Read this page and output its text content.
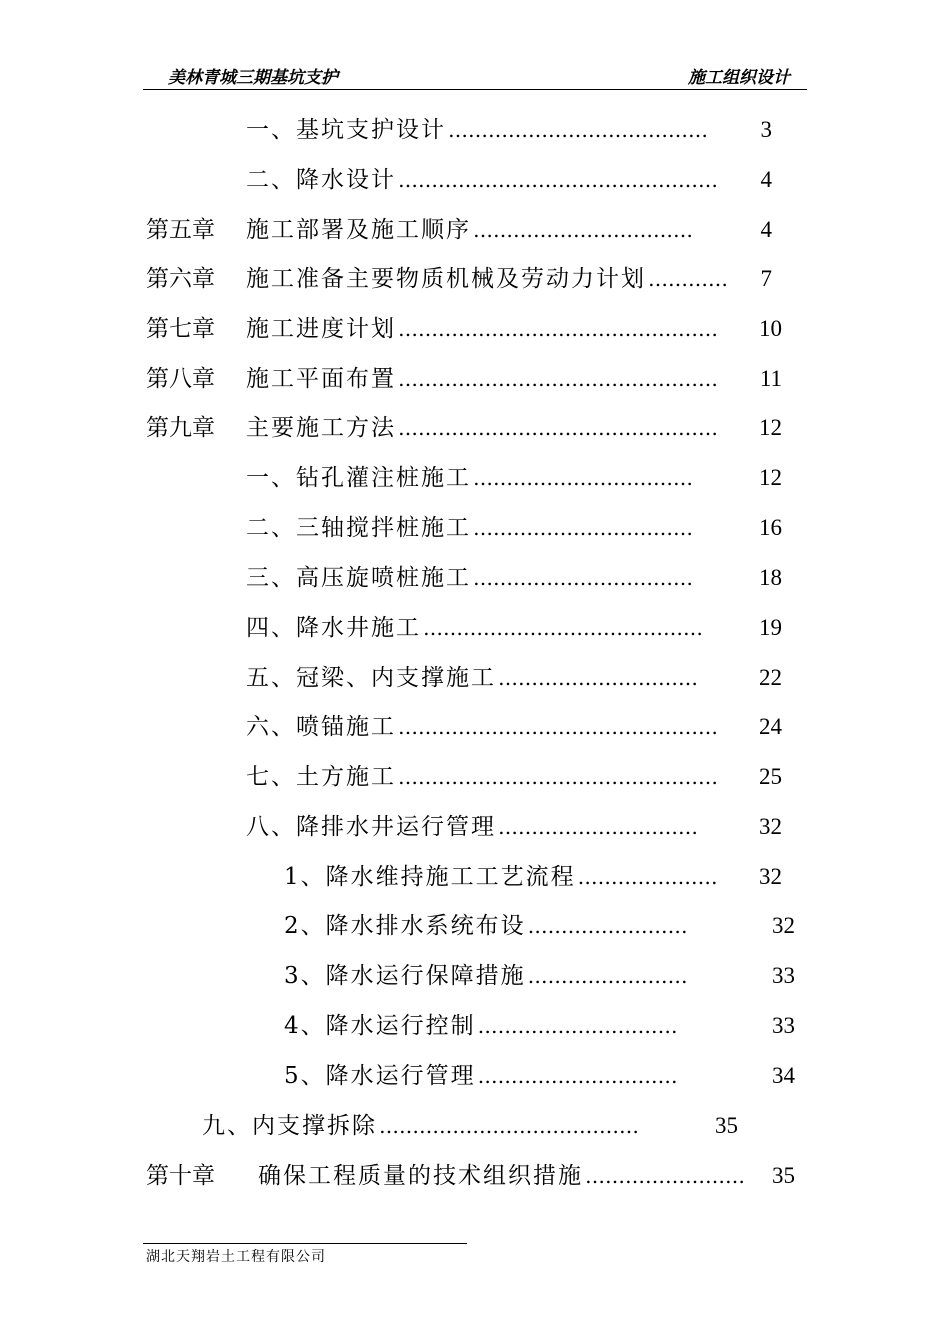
美林青城三期基坑支护	施工组织设计
一、基坑支护设计 …………………………………	3
二、降水设计 …………………………………………	4
第五章	施工部署及施工顺序 ……………………………	4
第六章	施工准备主要物质机械及劳动力计划 …………	7
第七章	施工进度计划 …………………………………………	10
第八章	施工平面布置 …………………………………………	11
第九章	主要施工方法 …………………………………………	12
一、钻孔灌注桩施工 ……………………………	12
二、三轴搅拌桩施工 ……………………………	16
三、高压旋喷桩施工 ……………………………	18
四、降水井施工 ……………………………………	19
五、冠梁、内支撑施工 …………………………	22
六、喷锚施工 …………………………………………	24
七、土方施工 …………………………………………	25
八、降排水井运行管理 …………………………	32
1、降水维持施工工艺流程 …………………	32
2、降水排水系统布设 ……………………	32
3、降水运行保障措施 ……………………	33
4、降水运行控制 …………………………	33
5、降水运行管理 …………………………	34
九、内支撑拆除 …………………………………	35
第十章	确保工程质量的技术组织措施 ……………………	35
湖北天翔岩土工程有限公司
